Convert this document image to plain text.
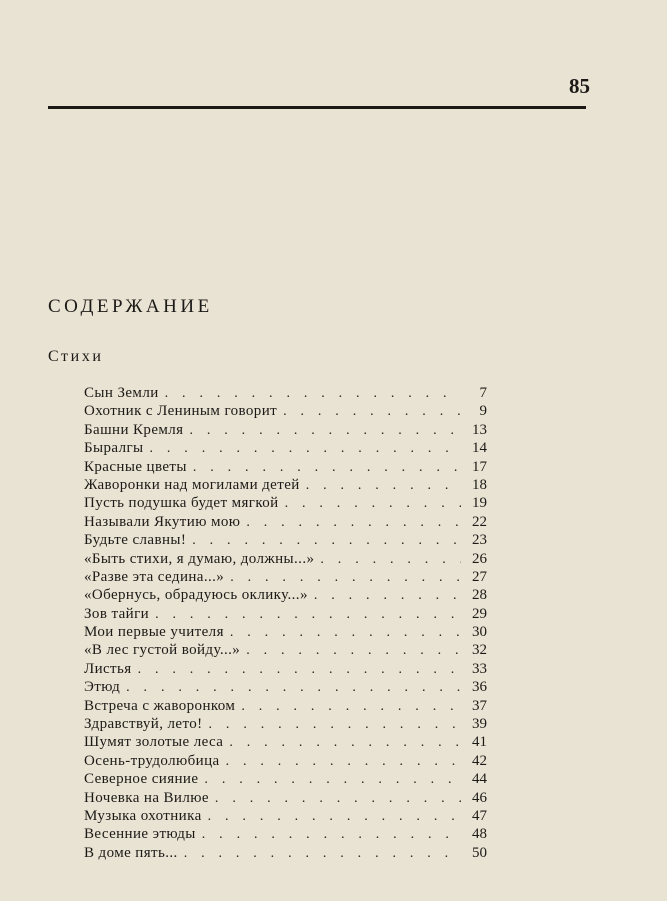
85
СОДЕРЖАНИЕ
Стихи
Сын Земли . . .	7
Охотник с Лениным говорит . . .	9
Башни Кремля . . .	13
Быралгы . . .	14
Красные цветы . . .	17
Жаворонки над могилами детей . . .	18
Пусть подушка будет мягкой . . .	19
Называли Якутию мою . . .	22
Будьте славны! . . .	23
«Быть стихи, я думаю, должны...» . . .	26
«Разве эта седина...» . . .	27
«Обернусь, обрадуюсь оклику...» . . .	28
Зов тайги . . .	29
Мои первые учителя . . .	30
«В лес густой войду...» . . .	32
Листья . . .	33
Этюд . . .	36
Встреча с жаворонком . . .	37
Здравствуй, лето! . . .	39
Шумят золотые леса . . .	41
Осень-трудолюбица . . .	42
Северное сияние . . .	44
Ночевка на Вилюе . . .	46
Музыка охотника . . .	47
Весенние этюды . . .	48
В доме пять... . . .	50
